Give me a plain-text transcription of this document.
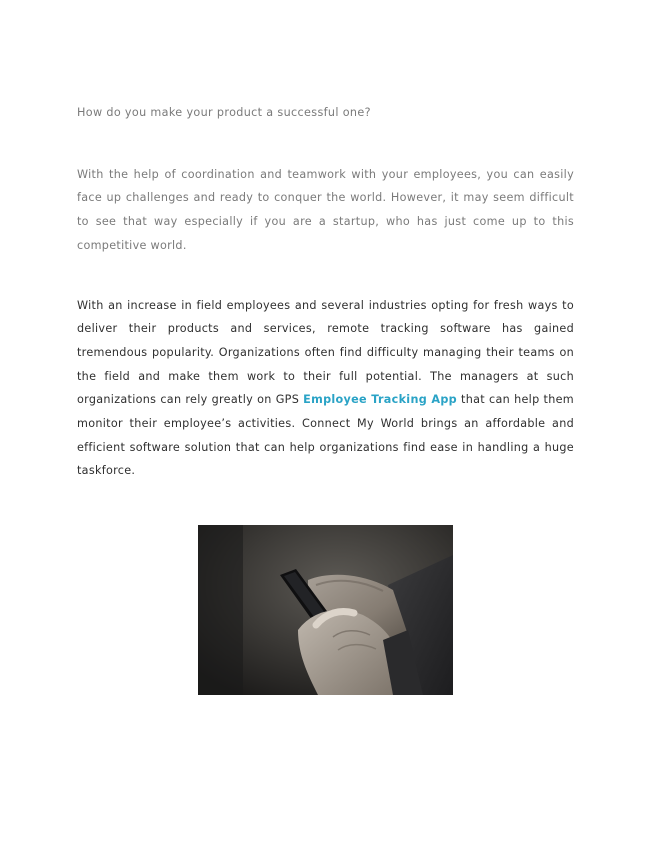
How do you make your product a successful one?

With the help of coordination and teamwork with your employees, you can easily face up challenges and ready to conquer the world. However, it may seem difficult to see that way especially if you are a startup, who has just come up to this competitive world.

With an increase in field employees and several industries opting for fresh ways to deliver their products and services, remote tracking software has gained tremendous popularity. Organizations often find difficulty managing their teams on the field and make them work to their full potential. The managers at such organizations can rely greatly on GPS Employee Tracking App that can help them monitor their employee’s activities. Connect My World brings an affordable and efficient software solution that can help organizations find ease in handling a huge taskforce.
